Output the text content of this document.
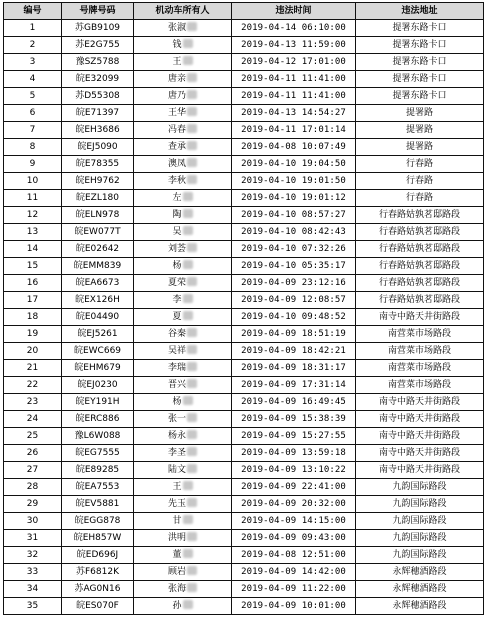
编号	号牌号码	机动车所有人	违法时间	违法地址
1	苏GB9109	张淑	2019-04-14 06:10:00	提署东路卡口
2	苏E2G755	钱	2019-04-13 11:59:00	提署东路卡口
3	豫SZ5788	王	2019-04-12 17:01:00	提署东路卡口
4	皖E32099	唐亲	2019-04-11 11:41:00	提署东路卡口
5	苏D55308	唐乃	2019-04-11 11:41:00	提署东路卡口
6	皖E71397	王华	2019-04-13 14:54:27	提署路
7	皖EH3686	冯春	2019-04-11 17:01:14	提署路
8	皖EJ5090	查承	2019-04-08 10:07:49	提署路
9	皖E78355	澳凤	2019-04-10 19:04:50	行春路
10	皖EH9762	李秋	2019-04-10 19:01:50	行春路
11	皖EZL180	左	2019-04-10 19:01:12	行春路
12	皖ELN978	陶	2019-04-10 08:57:27	行春路姑孰茗邸路段
13	皖EW077T	吴	2019-04-10 08:42:43	行春路姑孰茗邸路段
14	皖E02642	刘荟	2019-04-10 07:32:26	行春路姑孰茗邸路段
15	皖EMM839	杨	2019-04-10 05:35:17	行春路姑孰茗邸路段
16	皖EA6673	夏荣	2019-04-09 23:12:16	行春路姑孰茗邸路段
17	皖EX126H	李	2019-04-09 12:08:57	行春路姑孰茗邸路段
18	皖E04490	夏	2019-04-10 09:48:52	南寺中路天井街路段
19	皖EJ5261	谷秦	2019-04-09 18:51:19	南营菜市场路段
20	皖EWC669	吴祥	2019-04-09 18:42:21	南营菜市场路段
21	皖EHM679	李瑞	2019-04-09 18:31:17	南营菜市场路段
22	皖EJ0230	晋兴	2019-04-09 17:31:14	南营菜市场路段
23	皖EY191H	杨	2019-04-09 16:49:45	南寺中路天井街路段
24	皖ERC886	张一	2019-04-09 15:38:39	南寺中路天井街路段
25	豫L6W088	杨永	2019-04-09 15:27:55	南寺中路天井街路段
26	皖EG7555	李圣	2019-04-09 13:59:18	南寺中路天井街路段
27	皖E89285	陆文	2019-04-09 13:10:22	南寺中路天井街路段
28	皖EA7553	王	2019-04-09 22:41:00	九韵国际路段
29	皖EV5881	先玉	2019-04-09 20:32:00	九韵国际路段
30	皖EGG878	甘	2019-04-09 14:15:00	九韵国际路段
31	皖EH857W	洪明	2019-04-09 09:43:00	九韵国际路段
32	皖ED696J	董	2019-04-08 12:51:00	九韵国际路段
33	苏F6812K	顾岩	2019-04-09 14:42:00	永辉穗酒路段
34	苏AG0N16	张海	2019-04-09 11:22:00	永辉穗酒路段
35	皖ES070F	孙	2019-04-09 10:01:00	永辉穗酒路段
